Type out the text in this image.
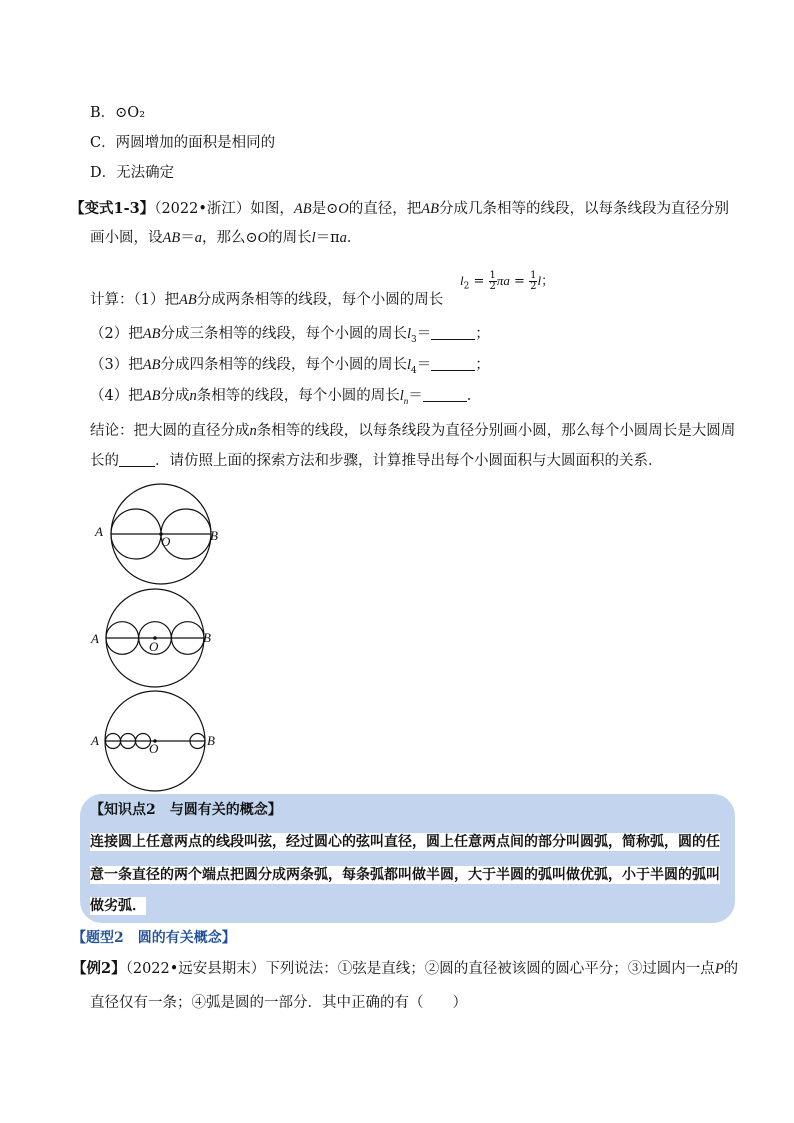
B．⊙O₂
C．两圆增加的面积是相同的
D．无法确定
【变式1-3】（2022•浙江）如图，AB是⊙O的直径，把AB分成几条相等的线段，以每条线段为直径分别
画小圆，设AB＝a，那么⊙O的周长l＝πa．
$l_2 = \frac{1}{2}$ $\pi a = \frac{1}{2}$ l；
计算：（1）把AB分成两条相等的线段，每个小圆的周长
（2）把AB分成三条相等的线段，每个小圆的周长$l_3=$	；
（3）把AB分成四条相等的线段，每个小圆的周长$l_4=$	；
（4）把AB分成n条相等的线段，每个小圆的周长$l_n=$	．
结论：把大圆的直径分成n条相等的线段，以每条线段为直径分别画小圆，那么每个小圆周长是大圆周
长的 ．请仿照上面的探索方法和步骤，计算推导出每个小圆面积与大圆面积的关系．
A	B
O
A	B
O
A	B
O
【知识点2　与圆有关的概念】
连接圆上任意两点的线段叫弦，经过圆心的弦叫直径，圆上任意两点间的部分叫圆弧，简称弧，圆的任
意一条直径的两个端点把圆分成两条弧，每条弧都叫做半圆，大于半圆的弧叫做优弧，小于半圆的弧叫
做劣弧．
【题型2　圆的有关概念】
【例2】（2022•远安县期末）下列说法：①弦是直线；②圆的直径被该圆的圆心平分；③过圆内一点P的
直径仅有一条；④弧是圆的一部分．其中正确的有（　　）
